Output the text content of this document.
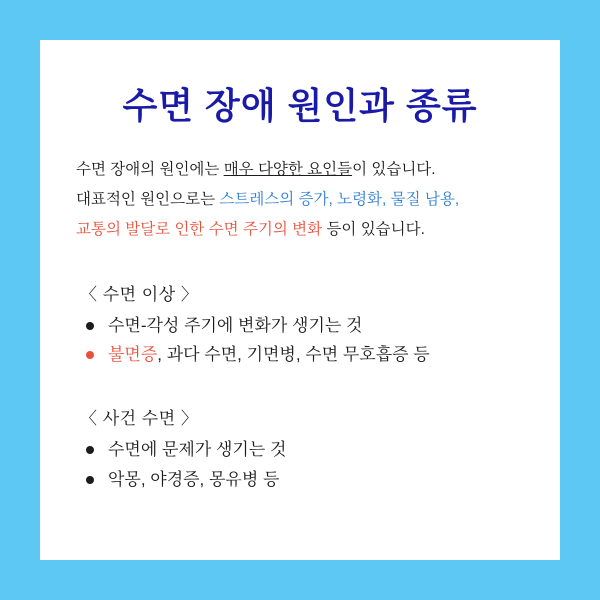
수면 장애 원인과 종류

수면 장애의 원인에는 매우 다양한 요인들이 있습니다.
대표적인 원인으로는 스트레스의 증가, 노령화, 물질 남용,
교통의 발달로 인한 수면 주기의 변화 등이 있습니다.

〈 수면 이상 〉
수면-각성 주기에 변화가 생기는 것
불면증, 과다 수면, 기면병, 수면 무호흡증 등
〈 사건 수면 〉
수면에 문제가 생기는 것
악몽, 야경증, 몽유병 등
